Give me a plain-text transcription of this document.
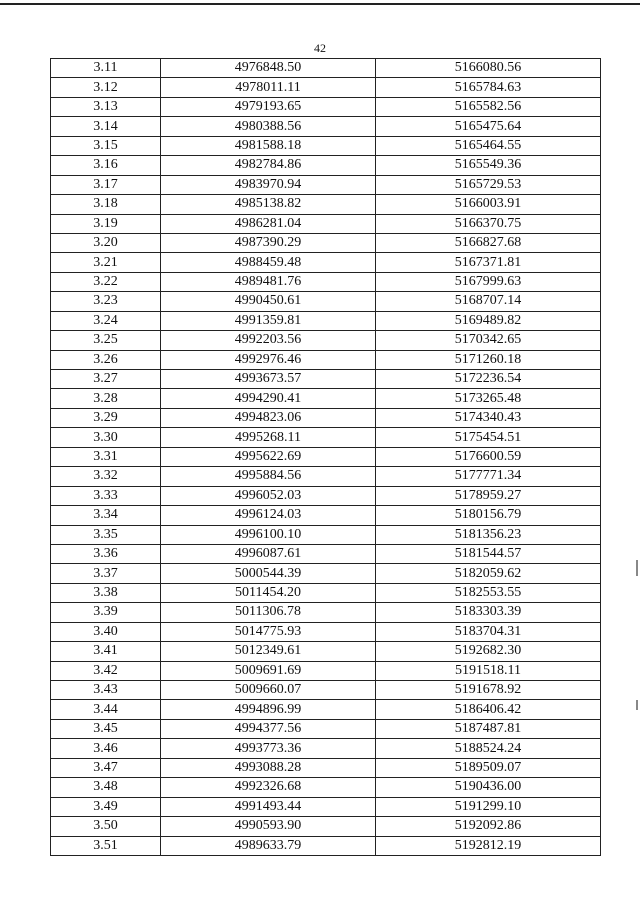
42
3.11	4976848.50	5166080.56
3.12	4978011.11	5165784.63
3.13	4979193.65	5165582.56
3.14	4980388.56	5165475.64
3.15	4981588.18	5165464.55
3.16	4982784.86	5165549.36
3.17	4983970.94	5165729.53
3.18	4985138.82	5166003.91
3.19	4986281.04	5166370.75
3.20	4987390.29	5166827.68
3.21	4988459.48	5167371.81
3.22	4989481.76	5167999.63
3.23	4990450.61	5168707.14
3.24	4991359.81	5169489.82
3.25	4992203.56	5170342.65
3.26	4992976.46	5171260.18
3.27	4993673.57	5172236.54
3.28	4994290.41	5173265.48
3.29	4994823.06	5174340.43
3.30	4995268.11	5175454.51
3.31	4995622.69	5176600.59
3.32	4995884.56	5177771.34
3.33	4996052.03	5178959.27
3.34	4996124.03	5180156.79
3.35	4996100.10	5181356.23
3.36	4996087.61	5181544.57
3.37	5000544.39	5182059.62
3.38	5011454.20	5182553.55
3.39	5011306.78	5183303.39
3.40	5014775.93	5183704.31
3.41	5012349.61	5192682.30
3.42	5009691.69	5191518.11
3.43	5009660.07	5191678.92
3.44	4994896.99	5186406.42
3.45	4994377.56	5187487.81
3.46	4993773.36	5188524.24
3.47	4993088.28	5189509.07
3.48	4992326.68	5190436.00
3.49	4991493.44	5191299.10
3.50	4990593.90	5192092.86
3.51	4989633.79	5192812.19
